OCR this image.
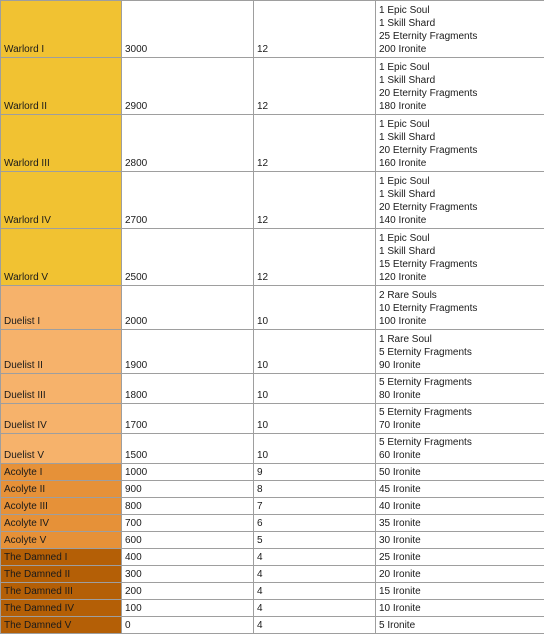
Warlord I	3000	12	1 Epic Soul
1 Skill Shard
25 Eternity Fragments
200 Ironite

Warlord II	2900	12	1 Epic Soul
1 Skill Shard
20 Eternity Fragments
180 Ironite

Warlord III	2800	12	1 Epic Soul
1 Skill Shard
20 Eternity Fragments
160 Ironite

Warlord IV	2700	12	1 Epic Soul
1 Skill Shard
20 Eternity Fragments
140 Ironite

Warlord V	2500	12	1 Epic Soul
1 Skill Shard
15 Eternity Fragments
120 Ironite

Duelist I	2000	10	2 Rare Souls
10 Eternity Fragments
100 Ironite

Duelist II	1900	10	1 Rare Soul
5 Eternity Fragments
90 Ironite

Duelist III	1800	10	5 Eternity Fragments
80 Ironite

Duelist IV	1700	10	5 Eternity Fragments
70 Ironite

Duelist V	1500	10	5 Eternity Fragments
60 Ironite

Acolyte I	1000	9	50 Ironite

Acolyte II	900	8	45 Ironite

Acolyte III	800	7	40 Ironite

Acolyte IV	700	6	35 Ironite

Acolyte V	600	5	30 Ironite

The Damned I	400	4	25 Ironite

The Damned II	300	4	20 Ironite

The Damned III	200	4	15 Ironite

The Damned IV	100	4	10 Ironite

The Damned V	0	4	5 Ironite
